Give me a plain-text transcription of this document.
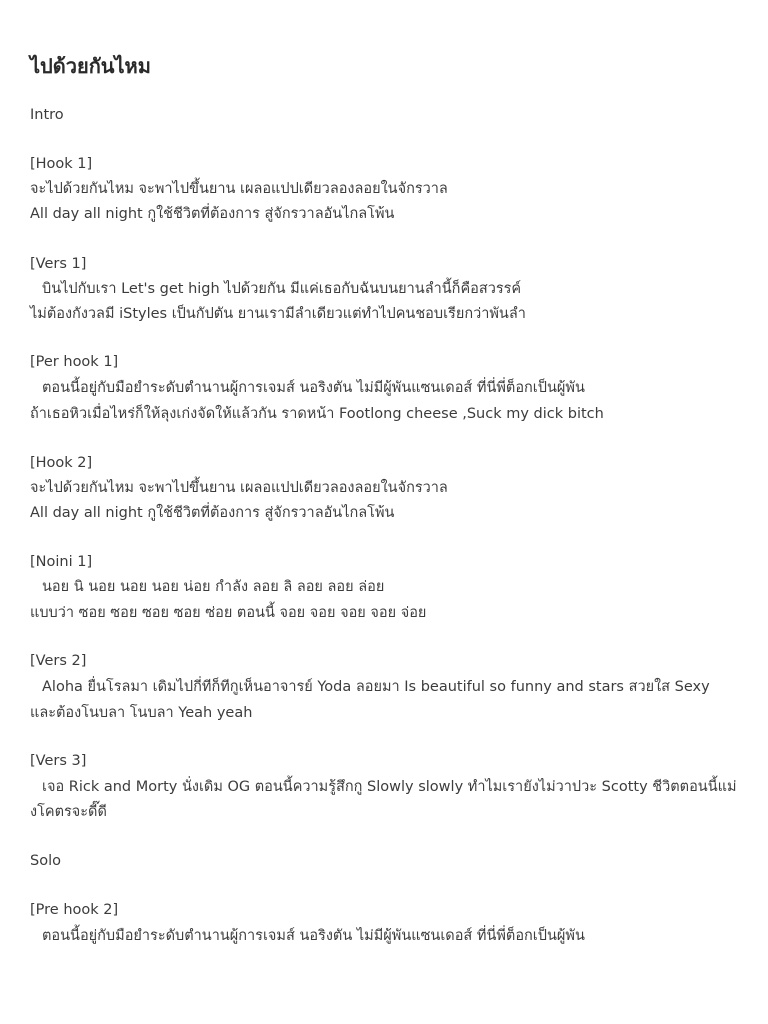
ไปด้วยกันไหม
Intro
[Hook 1]
จะไปด้วยกันไหม จะพาไปขึ้นยาน เผลอแปปเดียวลองลอยในจักรวาล
All day all night กูใช้ชีวิตที่ต้องการ สู่จักรวาลอันไกลโพ้น
[Vers 1]
บินไปกับเรา Let's get high ไปด้วยกัน มีแค่เธอกับฉันบนยานลำนี้ก็คือสวรรค์
ไม่ต้องกังวลมี iStyles เป็นกัปตัน ยานเรามีลำเดียวแต่ทำไปคนชอบเรียกว่าพันลำ
[Per hook 1]
ตอนนี้อยู่กับมือยำระดับตำนานผู้การเจมส์ นอริงตัน ไม่มีผู้พันแซนเดอส์ ที่นี่พี่ต็อกเป็นผู้พัน
ถ้าเธอหิวเมื่อไหร่ก็ให้ลุงเก่งจัดให้แล้วกัน ราดหน้า Footlong cheese ,Suck my dick bitch
[Hook 2]
จะไปด้วยกันไหม จะพาไปขึ้นยาน เผลอแปปเดียวลองลอยในจักรวาล
All day all night กูใช้ชีวิตที่ต้องการ สู่จักรวาลอันไกลโพ้น
[Noini 1]
นอย นิ นอย นอย นอย น่อย กำลัง ลอย ลิ ลอย ลอย ล่อย
แบบว่า ซอย ซอย ซอย ซอย ซ่อย ตอนนี้ จอย จอย จอย จอย จ่อย
[Vers 2]
Aloha ยื่นโรลมา เดิมไปกี่ทีก็ทีกูเห็นอาจารย์ Yoda ลอยมา Is beautiful so funny and stars สวยใส Sexy
และต้องโนบลา โนบลา Yeah yeah
[Vers 3]
เจอ Rick and Morty นั่งเดิม OG ตอนนี้ความรู้สึกกู Slowly slowly ทำไมเรายังไม่วาปวะ Scotty ชีวิตตอนนี้แม่
งโคตรจะดี๊ดี
Solo
[Pre hook 2]
ตอนนี้อยู่กับมือยำระดับตำนานผู้การเจมส์ นอริงตัน ไม่มีผู้พันแซนเดอส์ ที่นี่พี่ต็อกเป็นผู้พัน
